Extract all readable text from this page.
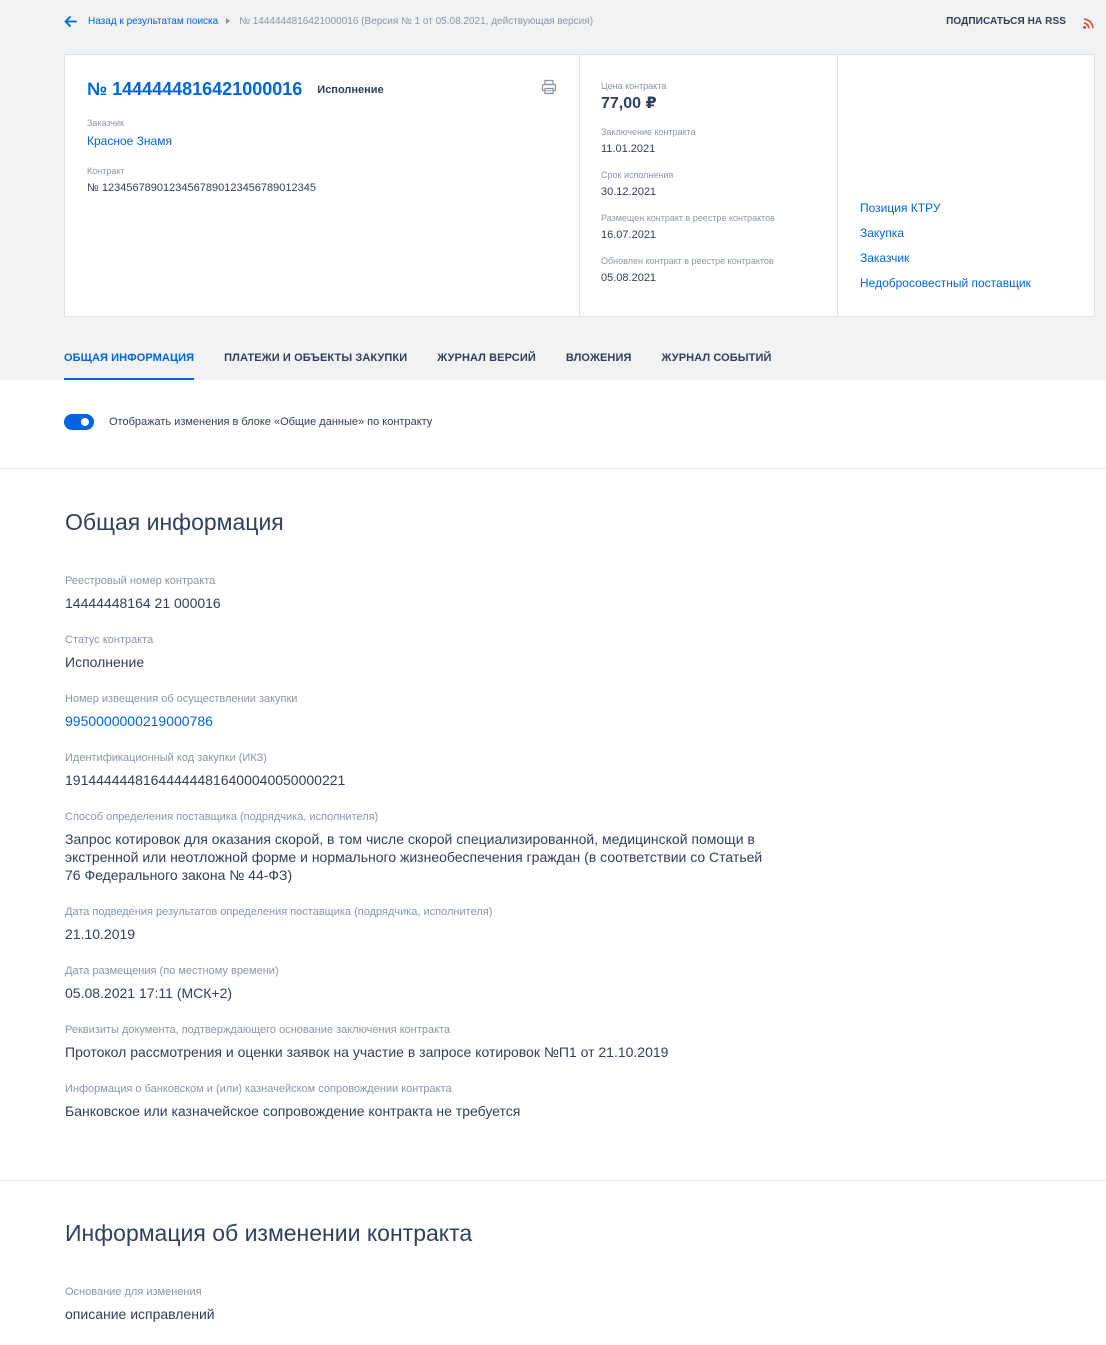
Назад к результатам поиска № 1444444816421000016 (Версия № 1 от 05.08.2021, действующая версия)	ПОДПИСАТЬСЯ НА RSS
№ 1444444816421000016 Исполнение
Заказчик
Красное Знамя
Контракт
№ 12345678901234567890123456789012345
Цена контракта
77,00 ₽
Заключение контракта
11.01.2021
Срок исполнения
30.12.2021
Размещен контракт в реестре контрактов
16.07.2021
Обновлен контракт в реестре контрактов
05.08.2021
Позиция КТРУ
Закупка
Заказчик
Недобросовестный поставщик
ОБЩАЯ ИНФОРМАЦИЯ	ПЛАТЕЖИ И ОБЪЕКТЫ ЗАКУПКИ	ЖУРНАЛ ВЕРСИЙ	ВЛОЖЕНИЯ	ЖУРНАЛ СОБЫТИЙ
Отображать изменения в блоке «Общие данные» по контракту
Общая информация
Реестровый номер контракта
14444448164 21 000016
Статус контракта
Исполнение
Номер извещения об осуществлении закупки
9950000000219000786
Идентификационный код закупки (ИКЗ)
191444444816444444816400040050000221
Способ определения поставщика (подрядчика, исполнителя)
Запрос котировок для оказания скорой, в том числе скорой специализированной, медицинской помощи в экстренной или неотложной форме и нормального жизнеобеспечения граждан (в соответствии со Статьей 76 Федерального закона № 44-ФЗ)
Дата подведения результатов определения поставщика (подрядчика, исполнителя)
21.10.2019
Дата размещения (по местному времени)
05.08.2021 17:11 (МСК+2)
Реквизиты документа, подтверждающего основание заключения контракта
Протокол рассмотрения и оценки заявок на участие в запросе котировок №П1 от 21.10.2019
Информация о банковском и (или) казначейском сопровождении контракта
Банковское или казначейское сопровождение контракта не требуется
Информация об изменении контракта
Основание для изменения
описание исправлений
